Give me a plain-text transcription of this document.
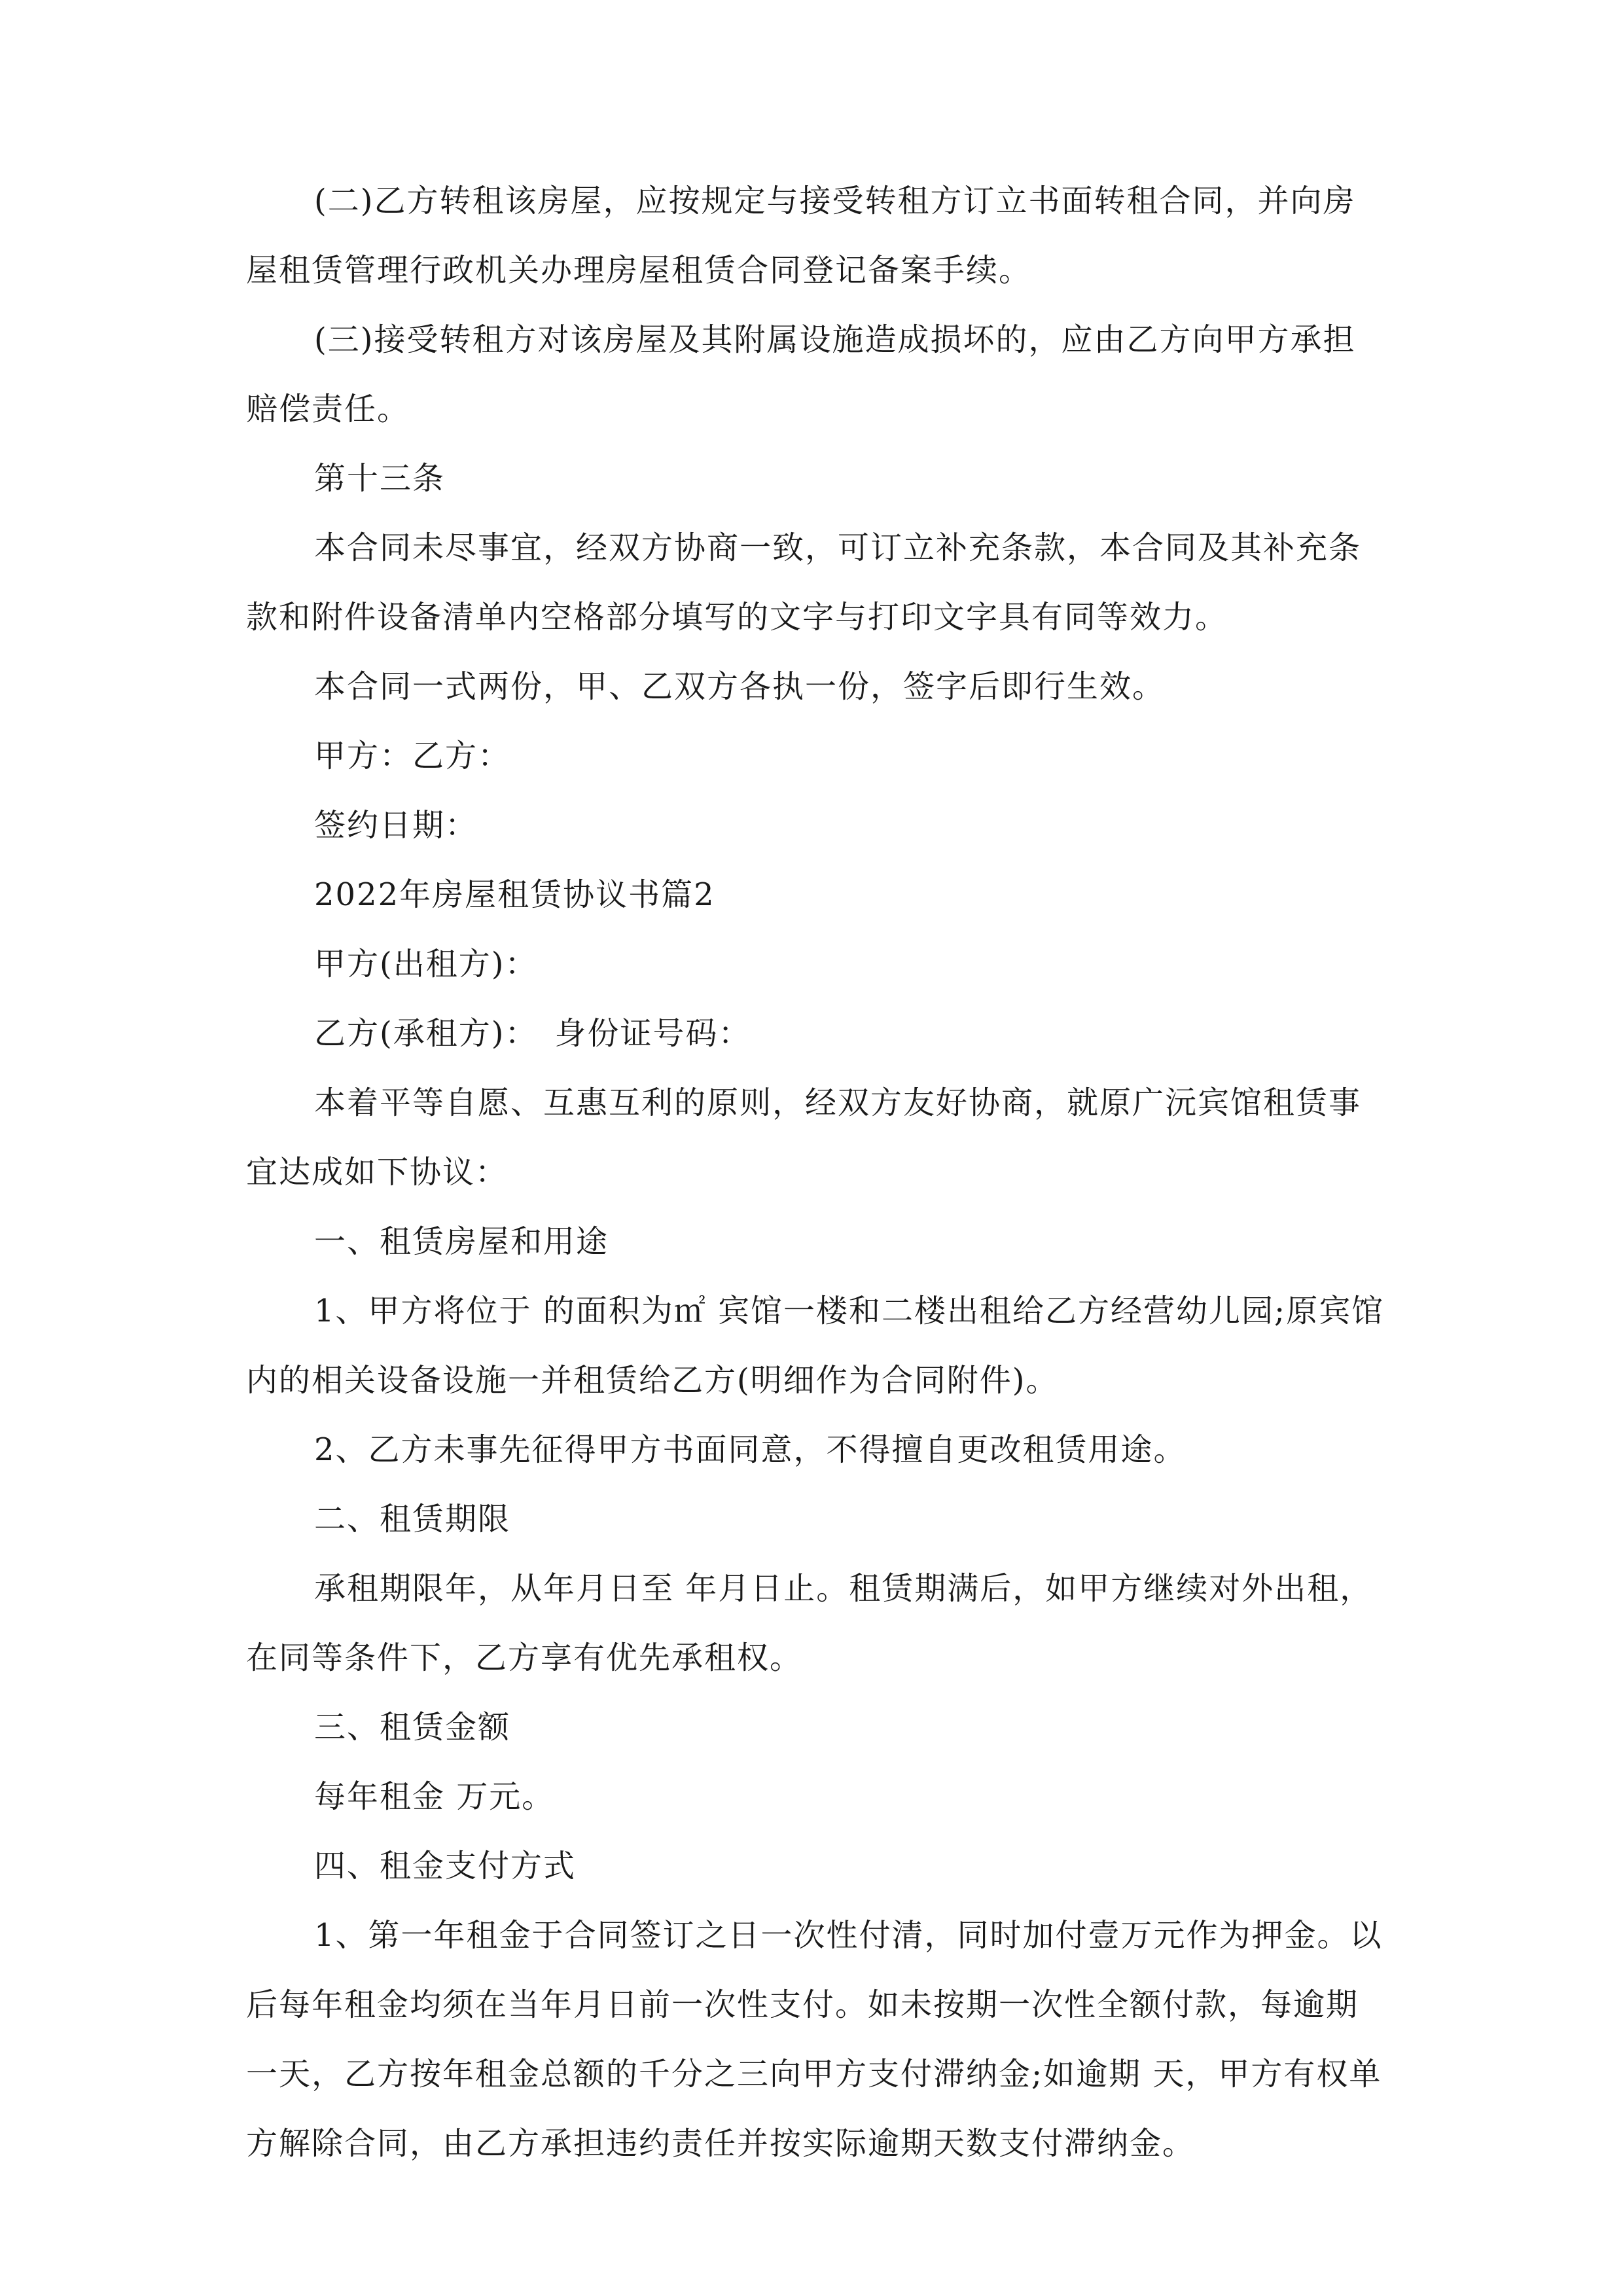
(二)乙方转租该房屋，应按规定与接受转租方订立书面转租合同，并向房屋租赁管理行政机关办理房屋租赁合同登记备案手续。

(三)接受转租方对该房屋及其附属设施造成损坏的，应由乙方向甲方承担赔偿责任。

第十三条

本合同未尽事宜，经双方协商一致，可订立补充条款，本合同及其补充条款和附件设备清单内空格部分填写的文字与打印文字具有同等效力。

本合同一式两份，甲、乙双方各执一份，签字后即行生效。

甲方：乙方：

签约日期：

2022年房屋租赁协议书篇2

甲方(出租方)：

乙方(承租方)：　身份证号码：

本着平等自愿、互惠互利的原则，经双方友好协商，就原广沅宾馆租赁事宜达成如下协议：

一、租赁房屋和用途

1、甲方将位于 的面积为㎡ 宾馆一楼和二楼出租给乙方经营幼儿园;原宾馆内的相关设备设施一并租赁给乙方(明细作为合同附件)。

2、乙方未事先征得甲方书面同意，不得擅自更改租赁用途。

二、租赁期限

承租期限年，从年月日至 年月日止。租赁期满后，如甲方继续对外出租，在同等条件下，乙方享有优先承租权。

三、租赁金额

每年租金 万元。

四、租金支付方式

1、第一年租金于合同签订之日一次性付清，同时加付壹万元作为押金。以后每年租金均须在当年月日前一次性支付。如未按期一次性全额付款，每逾期一天，乙方按年租金总额的千分之三向甲方支付滞纳金;如逾期 天，甲方有权单方解除合同，由乙方承担违约责任并按实际逾期天数支付滞纳金。
